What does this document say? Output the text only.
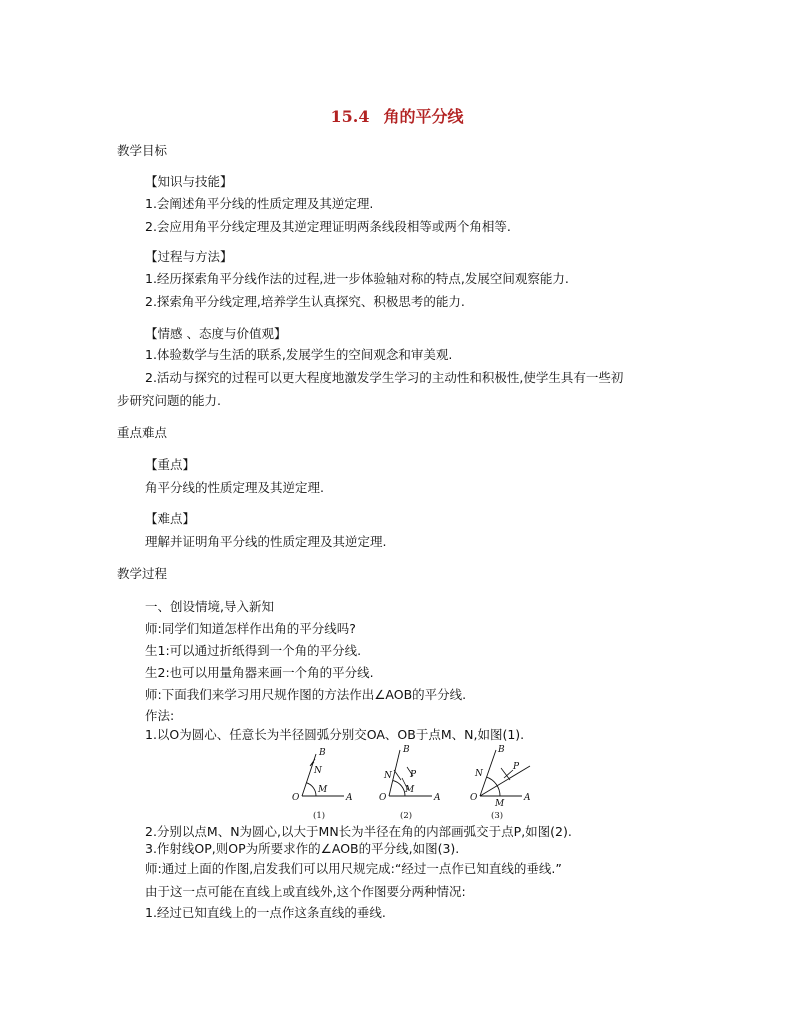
15.4 角的平分线
教学目标
【知识与技能】
1.会阐述角平分线的性质定理及其逆定理.
2.会应用角平分线定理及其逆定理证明两条线段相等或两个角相等.
【过程与方法】
1.经历探索角平分线作法的过程,进一步体验轴对称的特点,发展空间观察能力.
2.探索角平分线定理,培养学生认真探究、积极思考的能力.
【情感 、态度与价值观】
1.体验数学与生活的联系,发展学生的空间观念和审美观.
2.活动与探究的过程可以更大程度地激发学生学习的主动性和积极性,使学生具有一些初
步研究问题的能力.
重点难点
【重点】
角平分线的性质定理及其逆定理.
【难点】
理解并证明角平分线的性质定理及其逆定理.
教学过程
一、创设情境,导入新知
师:同学们知道怎样作出角的平分线吗?
生1:可以通过折纸得到一个角的平分线.
生2:也可以用量角器来画一个角的平分线.
师:下面我们来学习用尺规作图的方法作出∠AOB的平分线.
作法:
1.以O为圆心、任意长为半径圆弧分别交OA、OB于点M、N,如图(1).
B
N
M
O	A
(1)
B
N P
M
O	A
(2)
B
N
P
M
O	A
(3)
2.分别以点M、N为圆心,以大于MN长为半径在角的内部画弧交于点P,如图(2).
3.作射线OP,则OP为所要求作的∠AOB的平分线,如图(3).
师:通过上面的作图,启发我们可以用尺规完成:“经过一点作已知直线的垂线.”
由于这一点可能在直线上或直线外,这个作图要分两种情况:
1.经过已知直线上的一点作这条直线的垂线.
